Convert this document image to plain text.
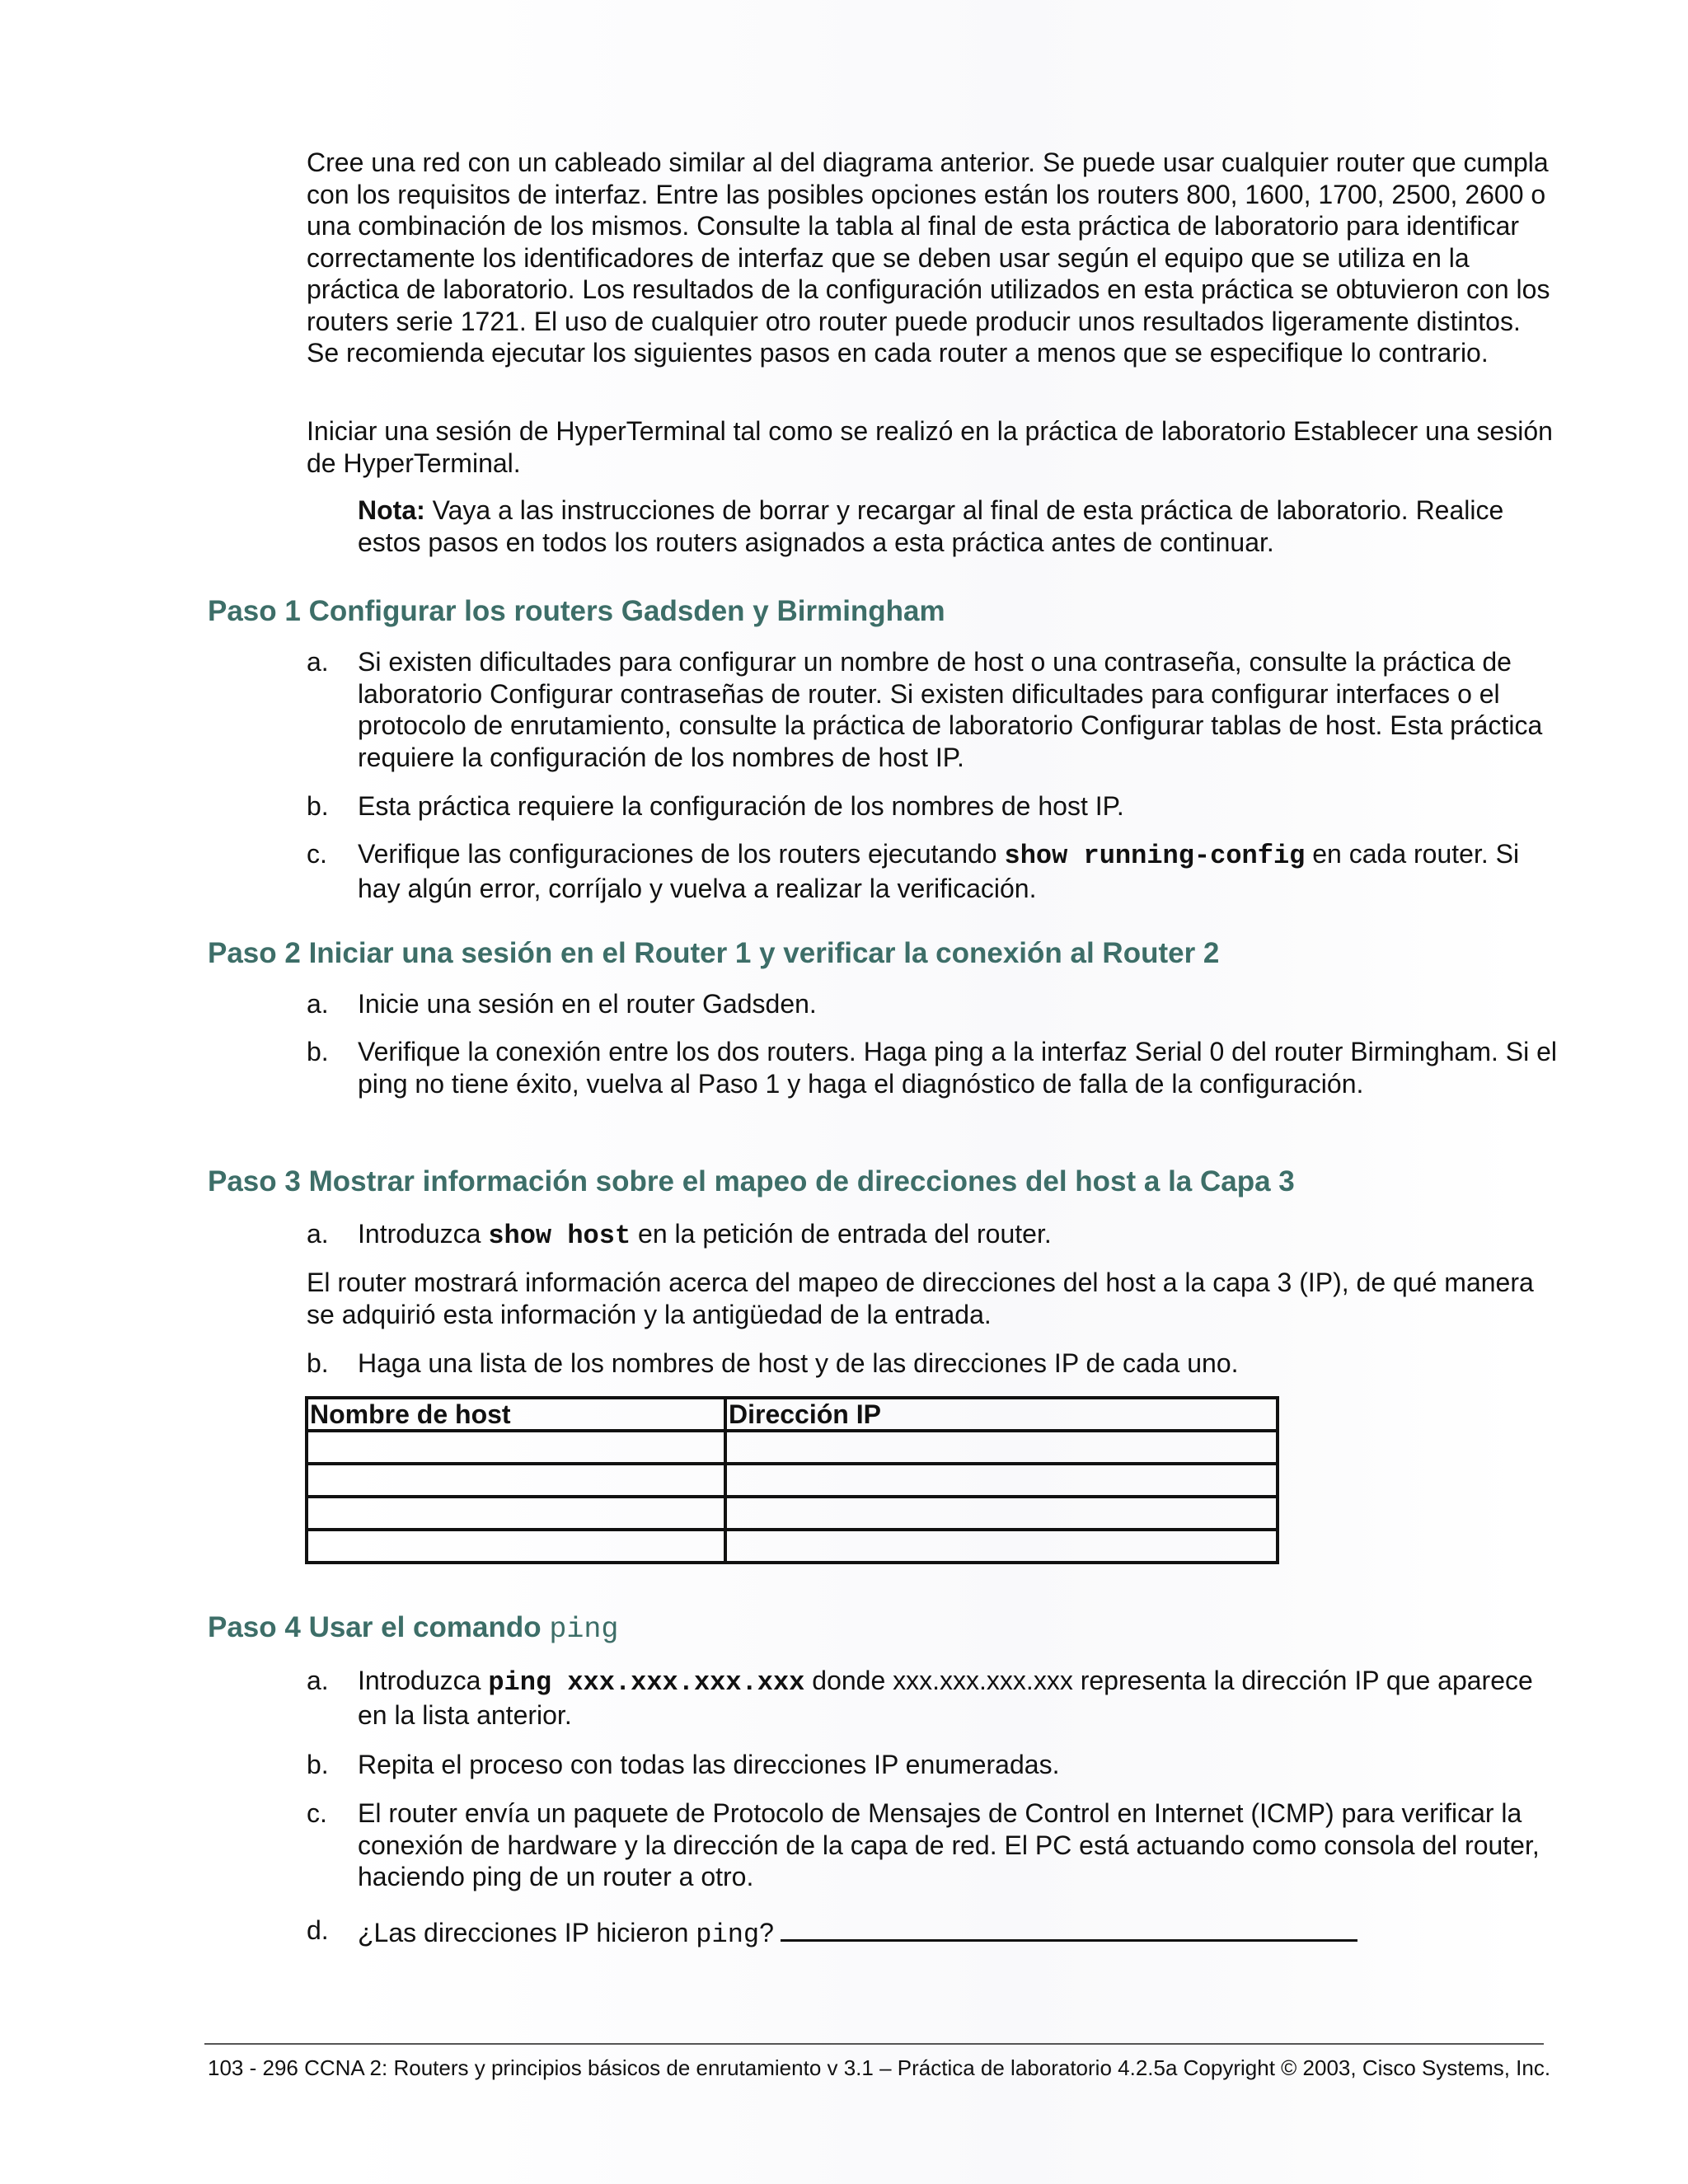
Cree una red con un cableado similar al del diagrama anterior. Se puede usar cualquier router que cumpla con los requisitos de interfaz. Entre las posibles opciones están los routers 800, 1600, 1700, 2500, 2600 o una combinación de los mismos. Consulte la tabla al final de esta práctica de laboratorio para identificar correctamente los identificadores de interfaz que se deben usar según el equipo que se utiliza en la práctica de laboratorio. Los resultados de la configuración utilizados en esta práctica se obtuvieron con los routers serie 1721. El uso de cualquier otro router puede producir unos resultados ligeramente distintos. Se recomienda ejecutar los siguientes pasos en cada router a menos que se especifique lo contrario.

Iniciar una sesión de HyperTerminal tal como se realizó en la práctica de laboratorio Establecer una sesión de HyperTerminal.

Nota: Vaya a las instrucciones de borrar y recargar al final de esta práctica de laboratorio. Realice estos pasos en todos los routers asignados a esta práctica antes de continuar.

Paso 1 Configurar los routers Gadsden y Birmingham
a.	Si existen dificultades para configurar un nombre de host o una contraseña, consulte la práctica de laboratorio Configurar contraseñas de router. Si existen dificultades para configurar interfaces o el protocolo de enrutamiento, consulte la práctica de laboratorio Configurar tablas de host. Esta práctica requiere la configuración de los nombres de host IP.
b.	Esta práctica requiere la configuración de los nombres de host IP.
c.	Verifique las configuraciones de los routers ejecutando show running-config en cada router. Si hay algún error, corríjalo y vuelva a realizar la verificación.
Paso 2 Iniciar una sesión en el Router 1 y verificar la conexión al Router 2
a.	Inicie una sesión en el router Gadsden.
b.	Verifique la conexión entre los dos routers. Haga ping a la interfaz Serial 0 del router Birmingham. Si el ping no tiene éxito, vuelva al Paso 1 y haga el diagnóstico de falla de la configuración.
Paso 3 Mostrar información sobre el mapeo de direcciones del host a la Capa 3
a.	Introduzca show host en la petición de entrada del router.

El router mostrará información acerca del mapeo de direcciones del host a la capa 3 (IP), de qué manera se adquirió esta información y la antigüedad de la entrada.

b.	Haga una lista de los nombres de host y de las direcciones IP de cada uno.
Nombre de host	Dirección IP

Paso 4 Usar el comando ping
a.	Introduzca ping xxx.xxx.xxx.xxx donde xxx.xxx.xxx.xxx representa la dirección IP que aparece en la lista anterior.
b.	Repita el proceso con todas las direcciones IP enumeradas.
c.	El router envía un paquete de Protocolo de Mensajes de Control en Internet (ICMP) para verificar la conexión de hardware y la dirección de la capa de red. El PC está actuando como consola del router, haciendo ping de un router a otro.
d.	¿Las direcciones IP hicieron ping?

103 - 296 CCNA 2: Routers y principios básicos de enrutamiento v 3.1 – Práctica de laboratorio 4.2.5a Copyright © 2003, Cisco Systems, Inc.
